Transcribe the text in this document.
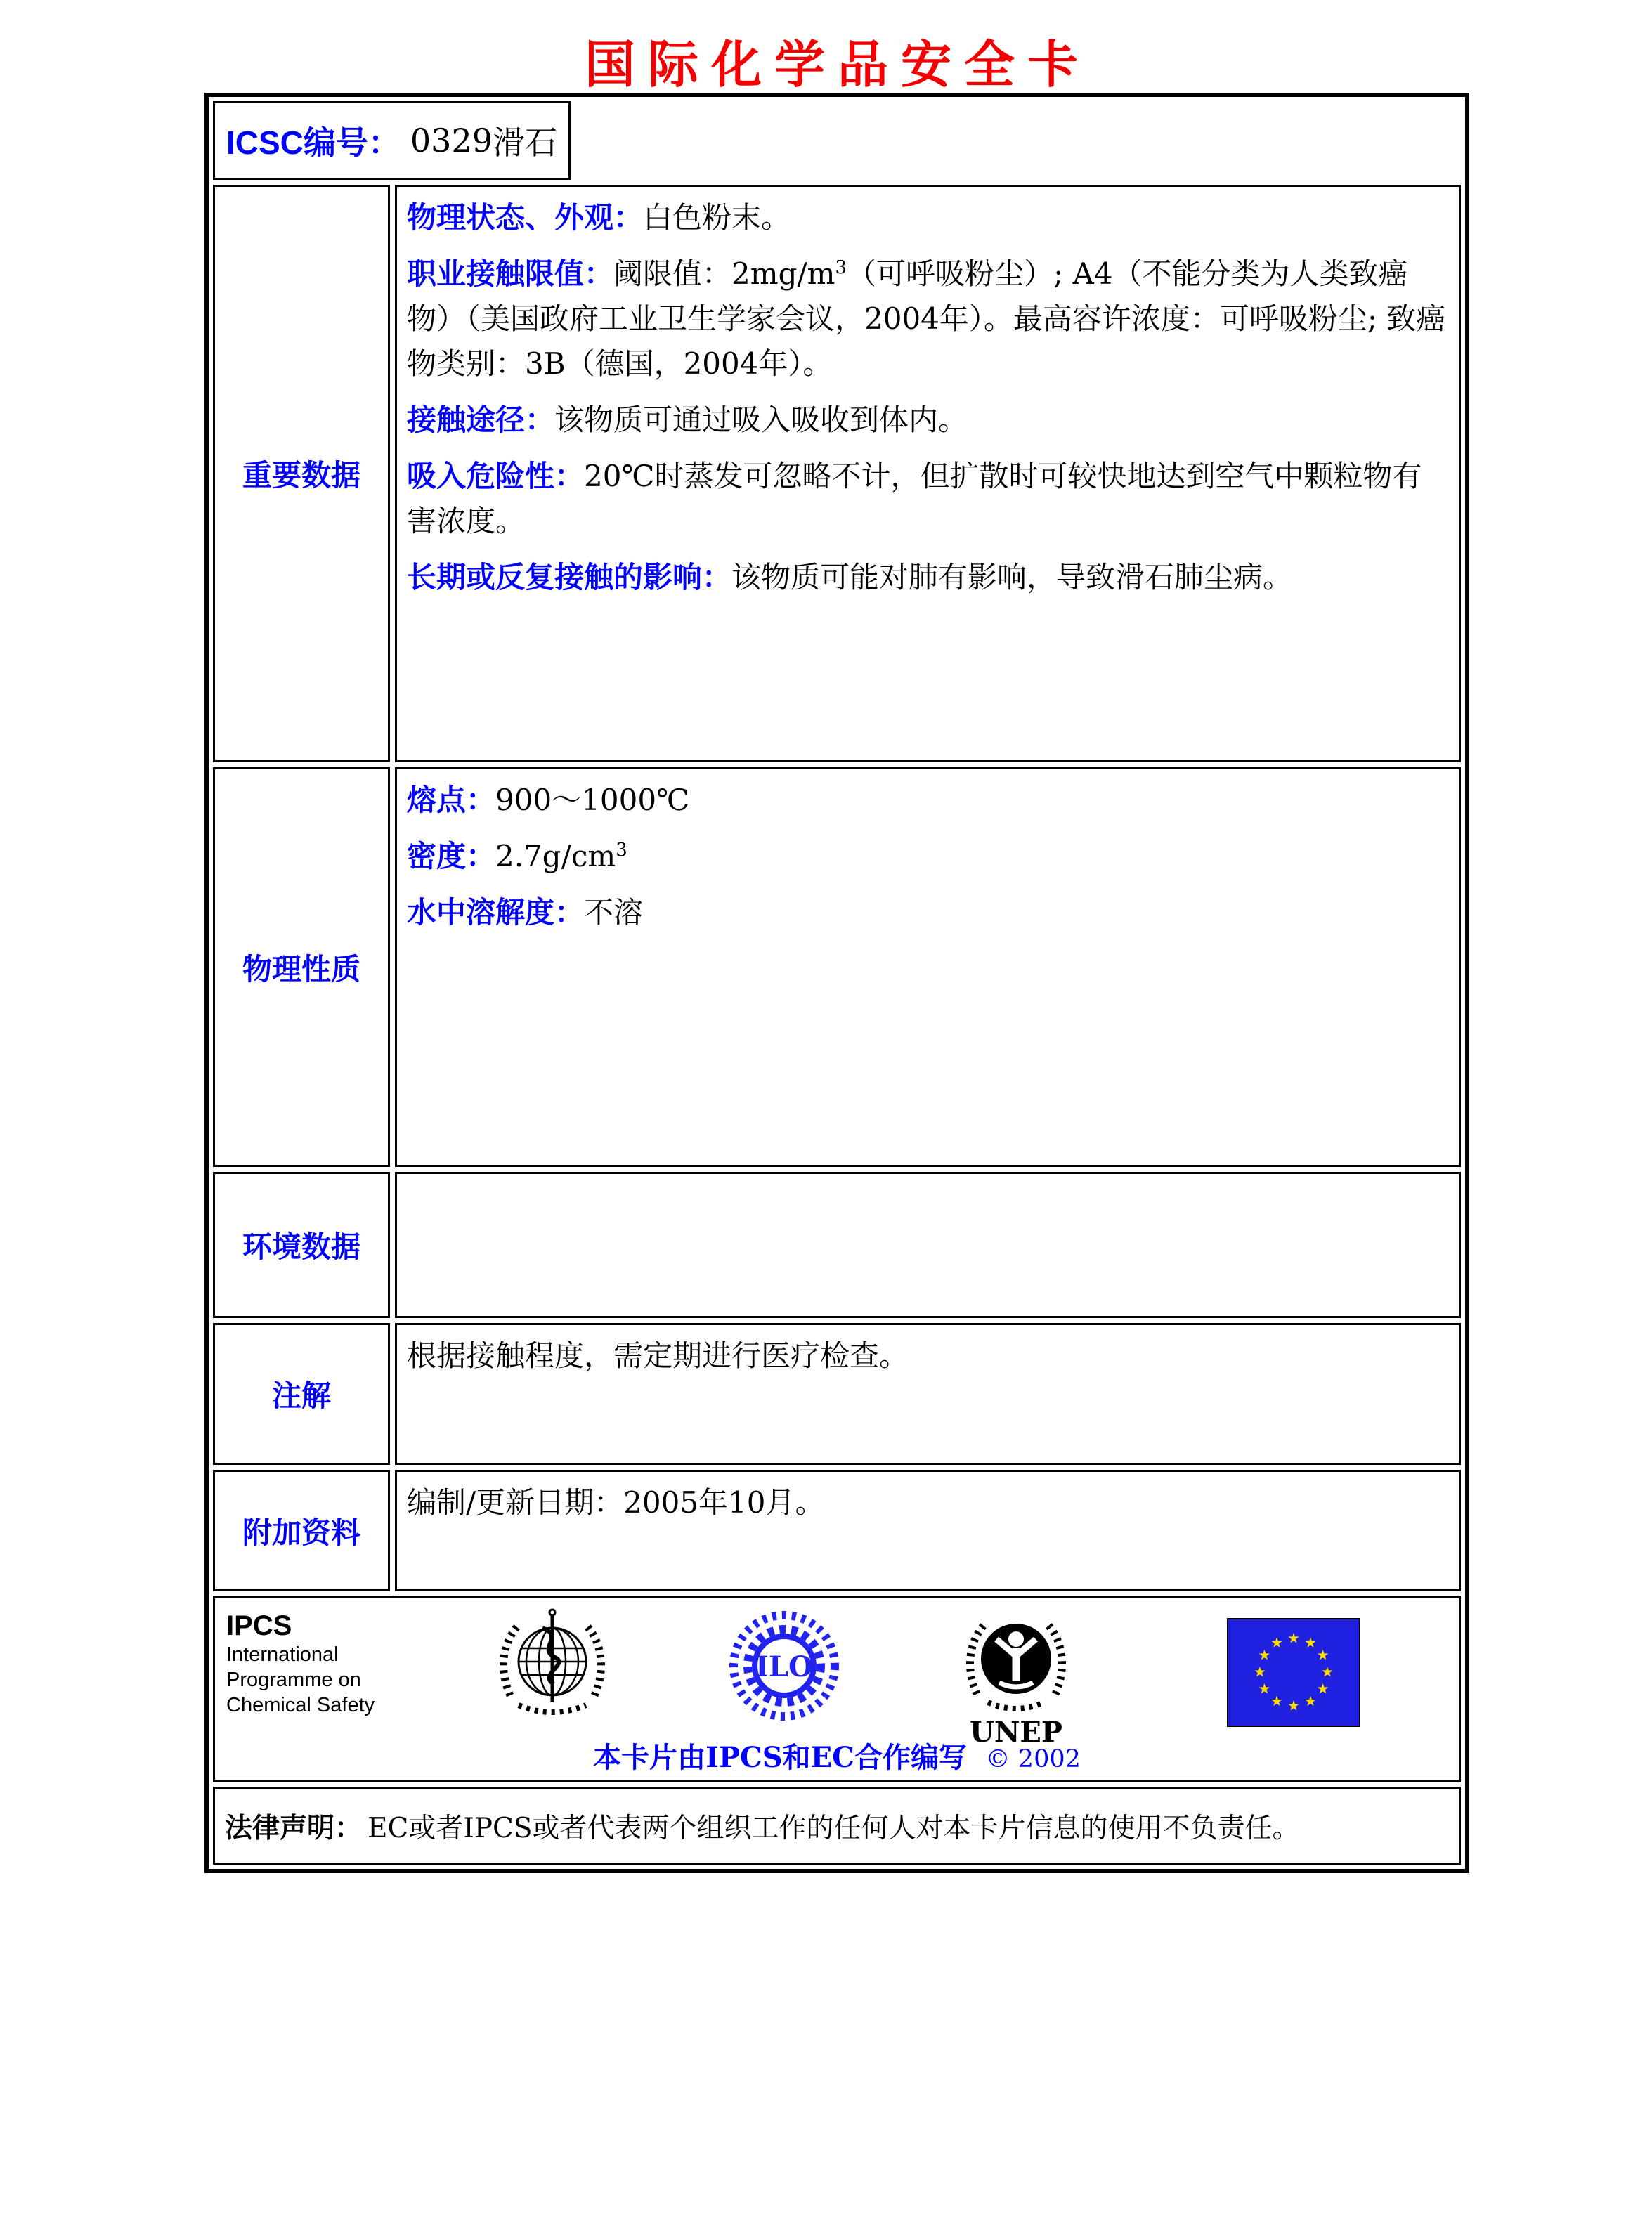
国际化学品安全卡
ICSC编号： 0329 滑石
重要数据

物理状态、外观：白色粉末。

职业接触限值：阈限值：$2mg/m^3$（可呼吸粉尘）; A4（不能分类为人类致癌物）（美国政府工业卫生学家会议，2004年）。最高容许浓度：可呼吸粉尘; 致癌物类别：3B（德国，2004年）。

接触途径：该物质可通过吸入吸收到体内。

吸入危险性：20℃时蒸发可忽略不计，但扩散时可较快地达到空气中颗粒物有害浓度。

长期或反复接触的影响：该物质可能对肺有影响，导致滑石肺尘病。

物理性质

熔点：900～1000℃

密度：$2.7g/cm^3$

水中溶解度：不溶

环境数据
注解

根据接触程度，需定期进行医疗检查。

附加资料

编制/更新日期：2005年10月。

IPCS
International
Programme on
Chemical Safety
ILO
UNEP
本卡片由IPCS和EC合作编写 © 2002
法律声明： EC或者IPCS或者代表两个组织工作的任何人对本卡片信息的使用不负责任。
